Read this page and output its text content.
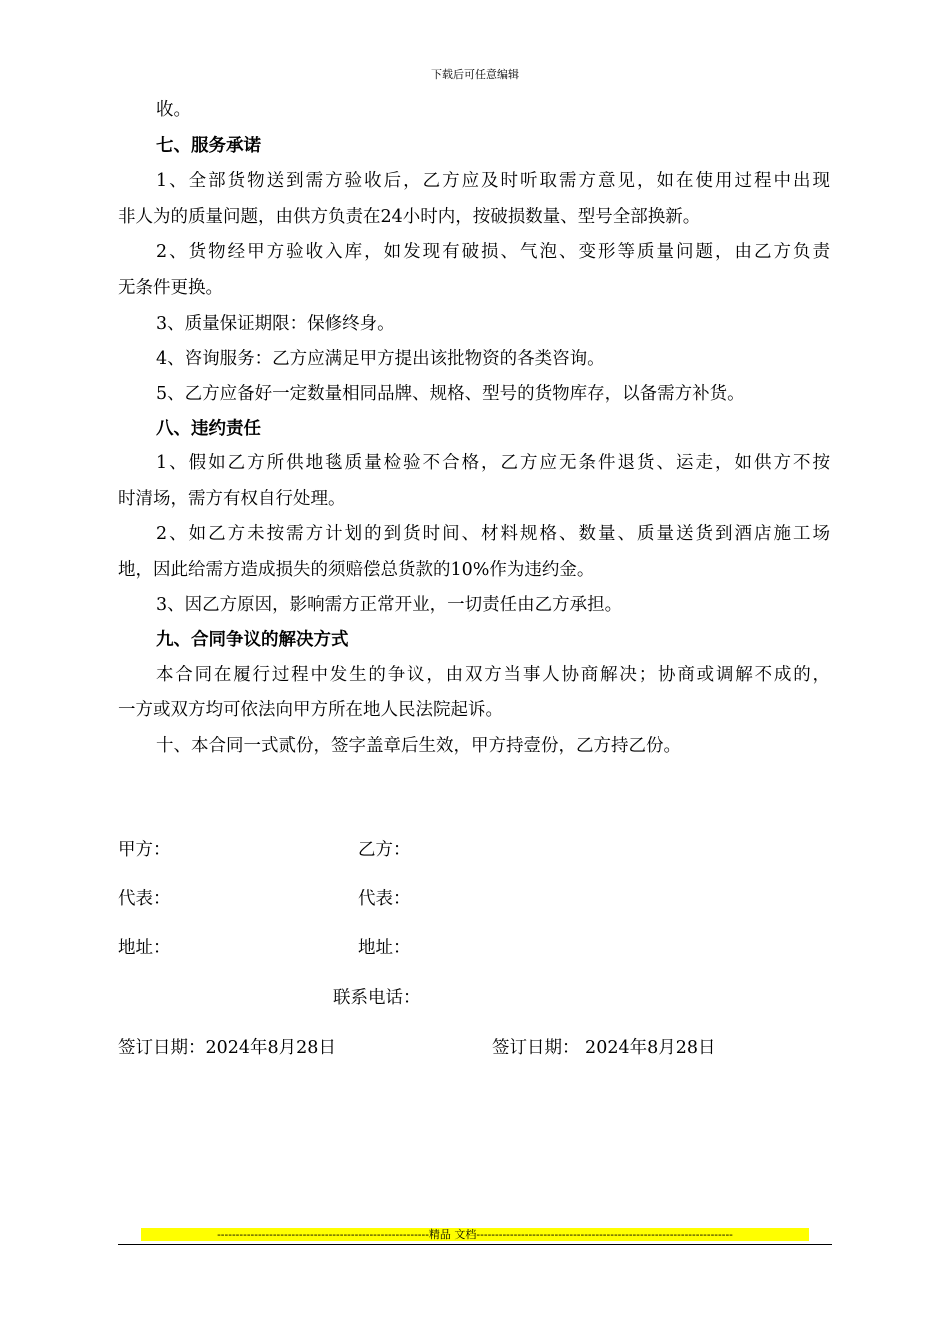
下载后可任意编辑
收。
七、服务承诺
1、全部货物送到需方验收后，乙方应及时听取需方意见，如在使用过程中出现
非人为的质量问题，由供方负责在24小时内，按破损数量、型号全部换新。
2、货物经甲方验收入库，如发现有破损、气泡、变形等质量问题，由乙方负责
无条件更换。
3、质量保证期限：保修终身。
4、咨询服务：乙方应满足甲方提出该批物资的各类咨询。
5、乙方应备好一定数量相同品牌、规格、型号的货物库存，以备需方补货。
八、违约责任
1、假如乙方所供地毯质量检验不合格，乙方应无条件退货、运走，如供方不按
时清场，需方有权自行处理。
2、如乙方未按需方计划的到货时间、材料规格、数量、质量送货到酒店施工场
地，因此给需方造成损失的须赔偿总货款的10%作为违约金。
3、因乙方原因，影响需方正常开业，一切责任由乙方承担。
九、合同争议的解决方式
本合同在履行过程中发生的争议，由双方当事人协商解决；协商或调解不成的，
一方或双方均可依法向甲方所在地人民法院起诉。
十、本合同一式贰份，签字盖章后生效，甲方持壹份，乙方持乙份。
甲方：	乙方：
代表：	代表：
地址：	地址：
联系电话：
签订日期：2024年8月28日	签订日期： 2024年8月28日
---------------------------------------------------------精品 文档---------------------------------------------------------------------
